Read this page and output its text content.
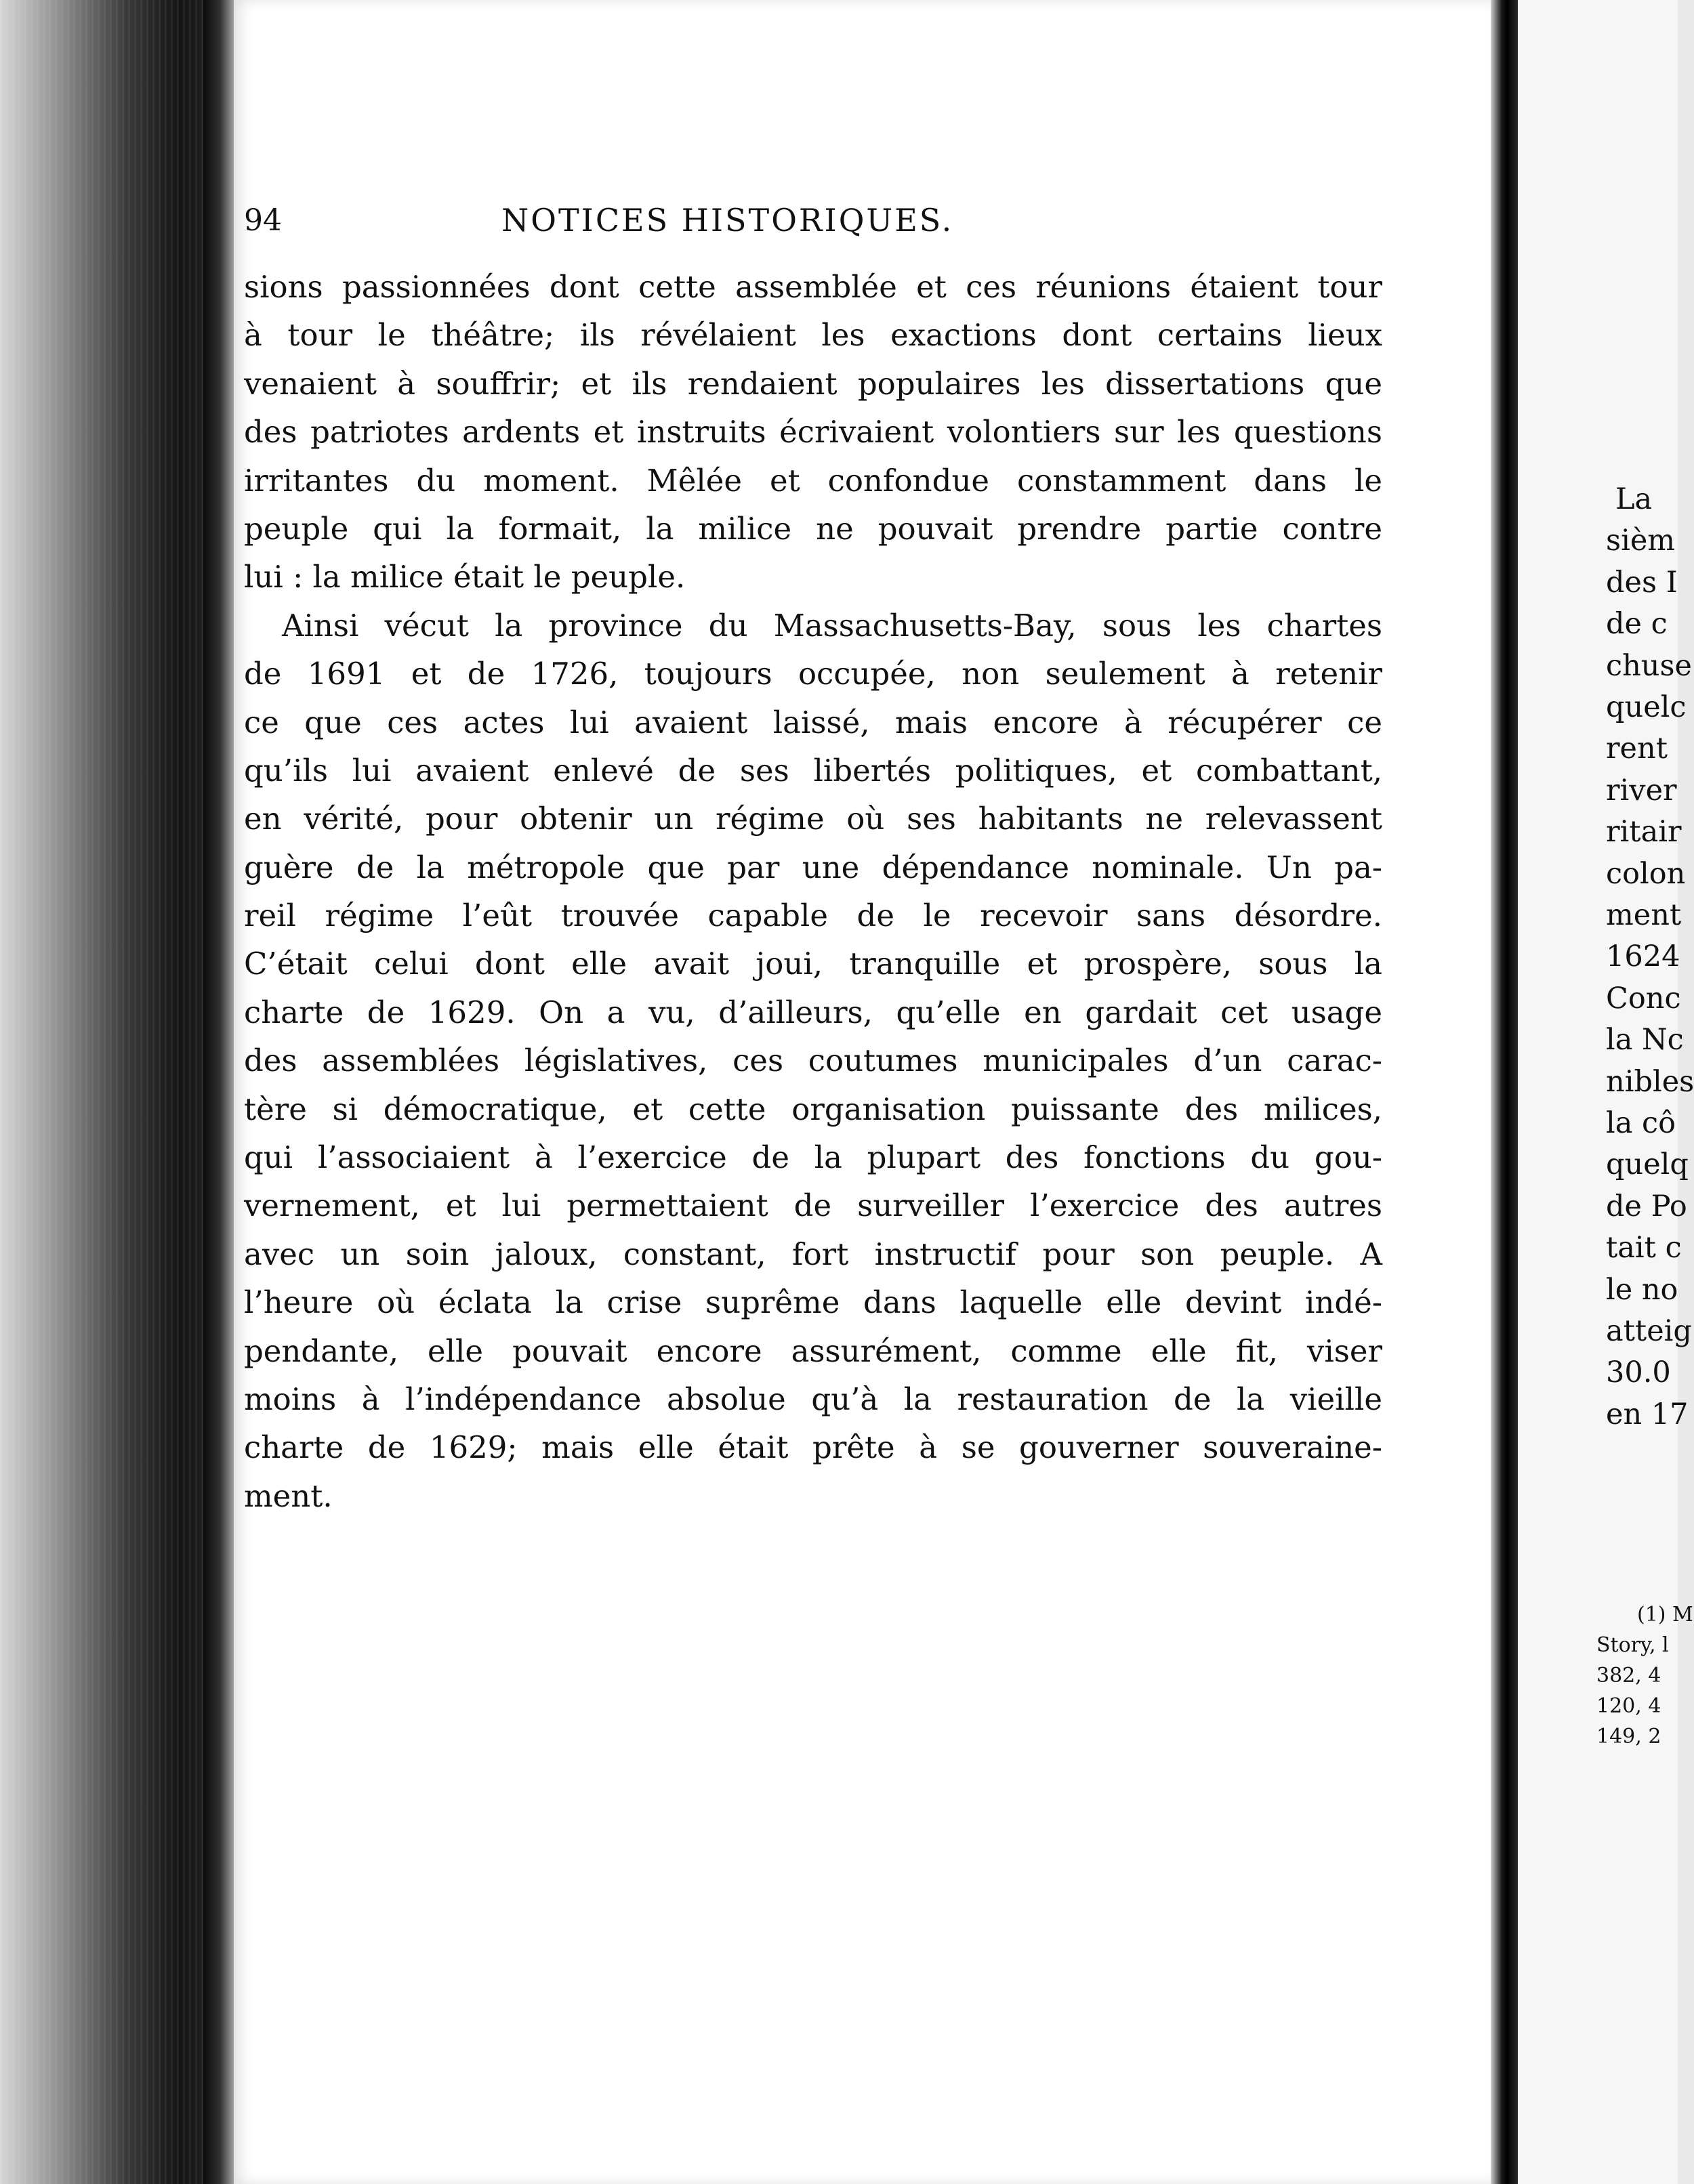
94	NOTICES HISTORIQUES.
sions passionnées dont cette assemblée et ces réunions étaient tour
à tour le théâtre; ils révélaient les exactions dont certains lieux
venaient à souffrir; et ils rendaient populaires les dissertations que
des patriotes ardents et instruits écrivaient volontiers sur les questions
irritantes du moment. Mêlée et confondue constamment dans le
peuple qui la formait, la milice ne pouvait prendre partie contre
lui : la milice était le peuple.
Ainsi vécut la province du Massachusetts-Bay, sous les chartes
de 1691 et de 1726, toujours occupée, non seulement à retenir
ce que ces actes lui avaient laissé, mais encore à récupérer ce
qu’ils lui avaient enlevé de ses libertés politiques, et combattant,
en vérité, pour obtenir un régime où ses habitants ne relevassent
guère de la métropole que par une dépendance nominale. Un pa-
reil régime l’eût trouvée capable de le recevoir sans désordre.
C’était celui dont elle avait joui, tranquille et prospère, sous la
charte de 1629. On a vu, d’ailleurs, qu’elle en gardait cet usage
des assemblées législatives, ces coutumes municipales d’un carac-
tère si démocratique, et cette organisation puissante des milices,
qui l’associaient à l’exercice de la plupart des fonctions du gou-
vernement, et lui permettaient de surveiller l’exercice des autres
avec un soin jaloux, constant, fort instructif pour son peuple. A
l’heure où éclata la crise suprême dans laquelle elle devint indé-
pendante, elle pouvait encore assurément, comme elle fit, viser
moins à l’indépendance absolue qu’à la restauration de la vieille
charte de 1629; mais elle était prête à se gouverner souveraine-
ment.
La
sièm
des I
de c
chuse
quelc
rent
river
ritair
colon
ment
1624
Conc
la Nc
nibles
la cô
quelq
de Po
tait c
le no
atteig
30.0
en 17
(1) M
Story, l
382, 4
120, 4
149, 2
